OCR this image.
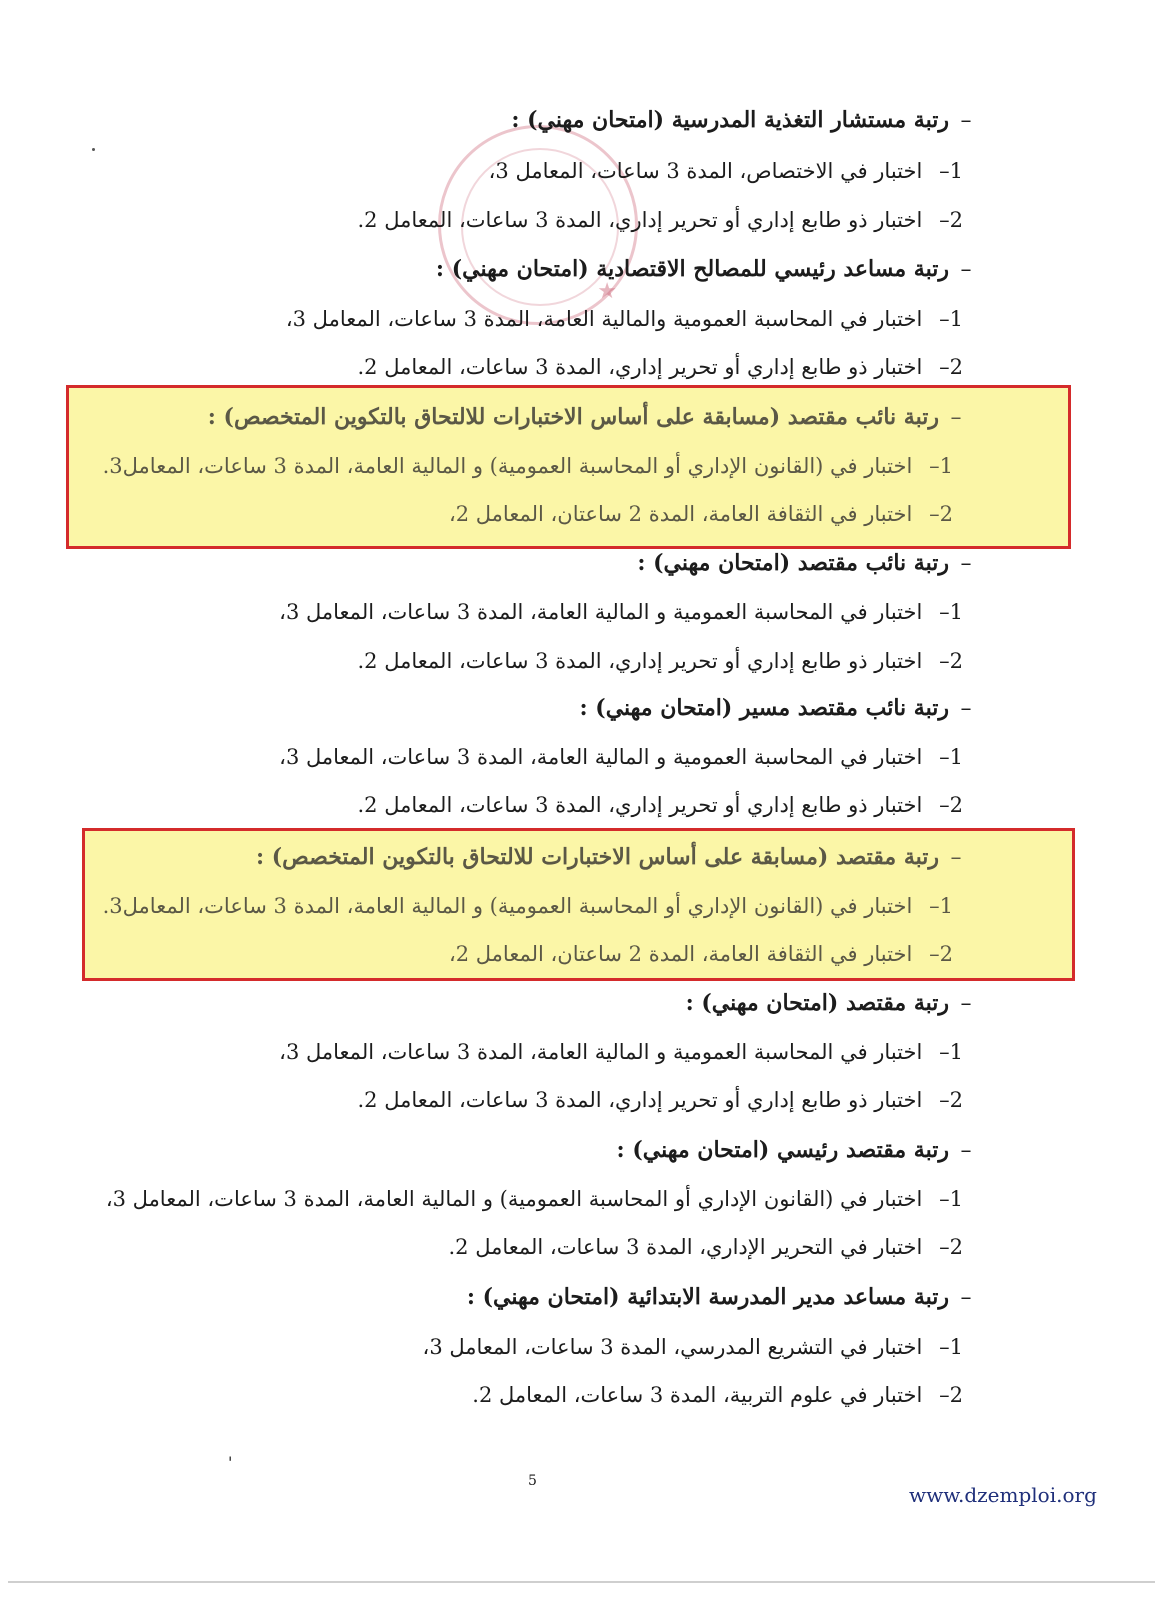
★
–رتبة مستشار التغذية المدرسية (امتحان مهني) :
1– اختبار في الاختصاص، المدة 3 ساعات، المعامل 3،
2– اختبار ذو طابع إداري أو تحرير إداري، المدة 3 ساعات، المعامل 2.
–رتبة مساعد رئيسي للمصالح الاقتصادية (امتحان مهني) :
1– اختبار في المحاسبة العمومية والمالية العامة، المدة 3 ساعات، المعامل 3،
2– اختبار ذو طابع إداري أو تحرير إداري، المدة 3 ساعات، المعامل 2.
–رتبة نائب مقتصد (مسابقة على أساس الاختبارات للالتحاق بالتكوين المتخصص) :
1– اختبار في (القانون الإداري أو المحاسبة العمومية) و المالية العامة، المدة 3 ساعات، المعامل3.
2– اختبار في الثقافة العامة، المدة 2 ساعتان، المعامل 2،
–رتبة نائب مقتصد (امتحان مهني) :
1– اختبار في المحاسبة العمومية و المالية العامة، المدة 3 ساعات، المعامل 3،
2– اختبار ذو طابع إداري أو تحرير إداري، المدة 3 ساعات، المعامل 2.
–رتبة نائب مقتصد مسير (امتحان مهني) :
1– اختبار في المحاسبة العمومية و المالية العامة، المدة 3 ساعات، المعامل 3،
2– اختبار ذو طابع إداري أو تحرير إداري، المدة 3 ساعات، المعامل 2.
–رتبة مقتصد (مسابقة على أساس الاختبارات للالتحاق بالتكوين المتخصص) :
1– اختبار في (القانون الإداري أو المحاسبة العمومية) و المالية العامة، المدة 3 ساعات، المعامل3.
2– اختبار في الثقافة العامة، المدة 2 ساعتان، المعامل 2،
–رتبة مقتصد (امتحان مهني) :
1– اختبار في المحاسبة العمومية و المالية العامة، المدة 3 ساعات، المعامل 3،
2– اختبار ذو طابع إداري أو تحرير إداري، المدة 3 ساعات، المعامل 2.
–رتبة مقتصد رئيسي (امتحان مهني) :
1– اختبار في (القانون الإداري أو المحاسبة العمومية) و المالية العامة، المدة 3 ساعات، المعامل 3،
2– اختبار في التحرير الإداري، المدة 3 ساعات، المعامل 2.
–رتبة مساعد مدير المدرسة الابتدائية (امتحان مهني) :
1– اختبار في التشريع المدرسي، المدة 3 ساعات، المعامل 3،
2– اختبار في علوم التربية، المدة 3 ساعات، المعامل 2.
'
5
www.dzemploi.org
